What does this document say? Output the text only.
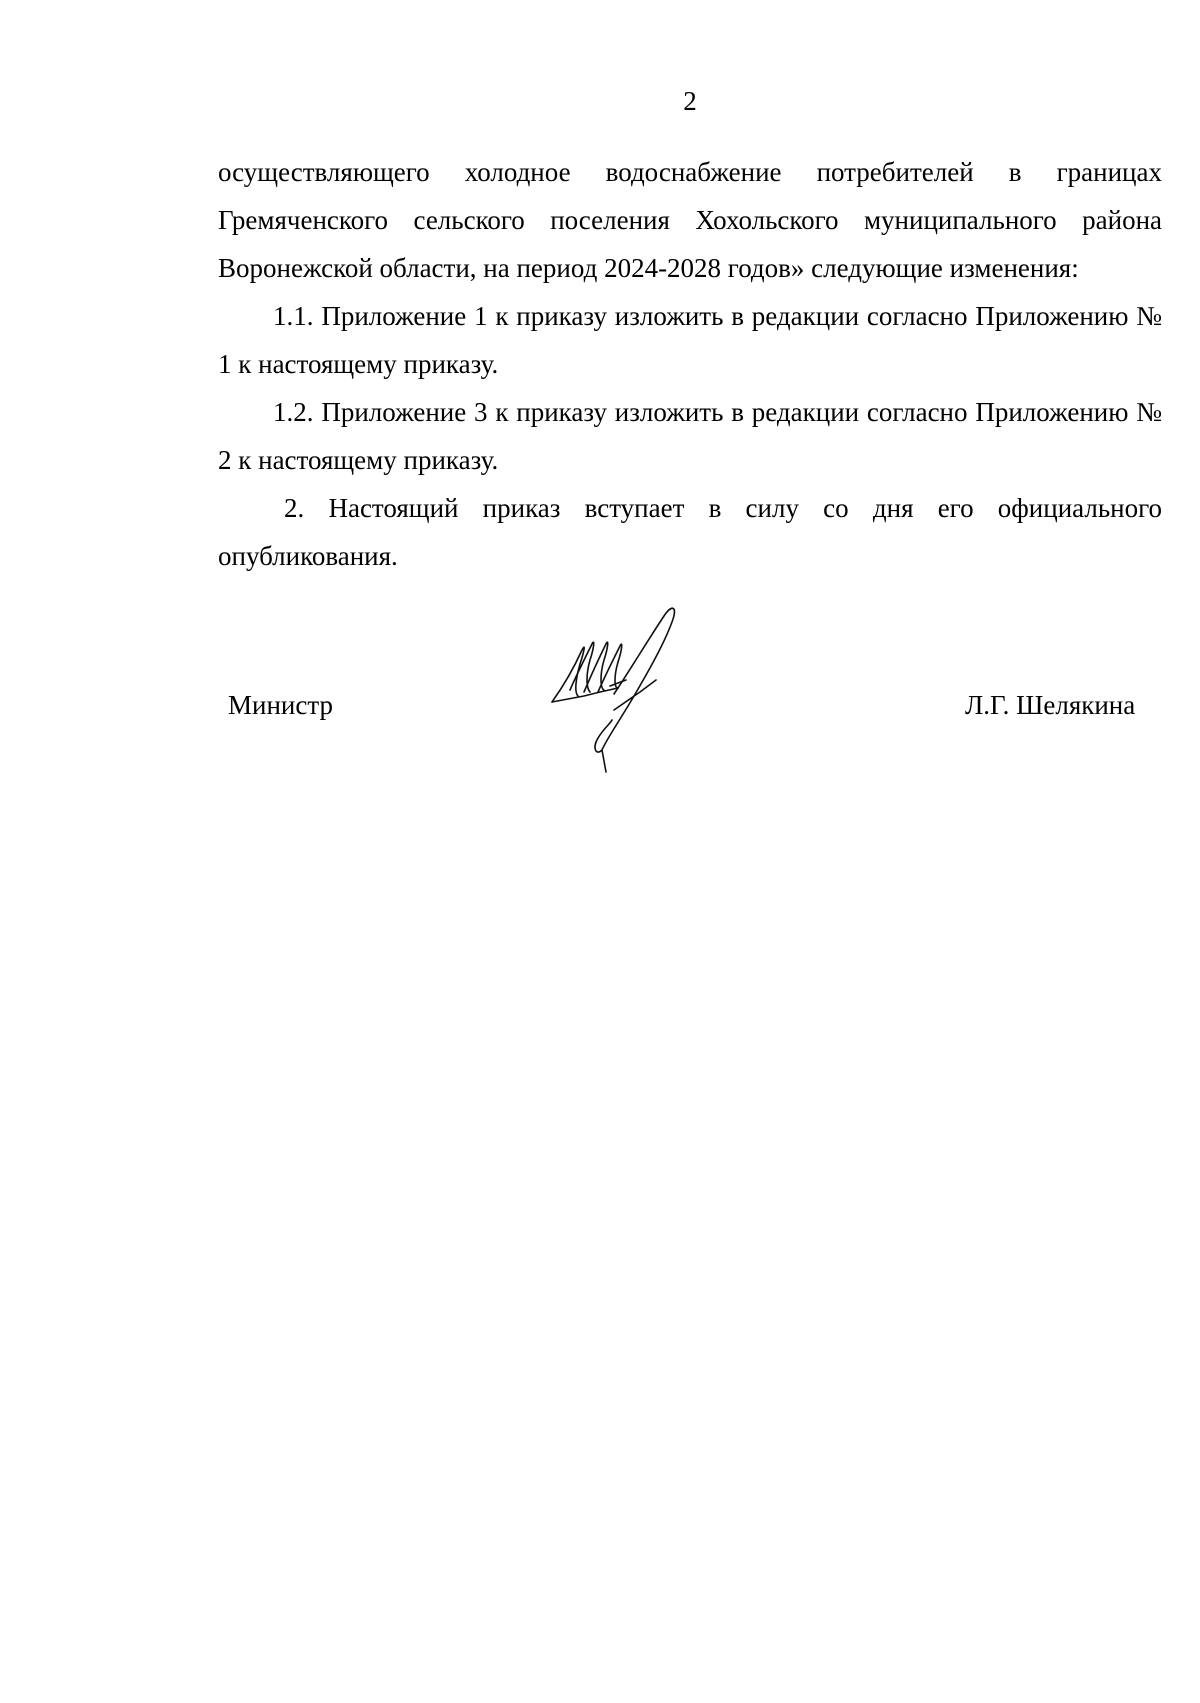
2

осуществляющего холодное водоснабжение потребителей в границах Гремяченского сельского поселения Хохольского муниципального района Воронежской области, на период 2024-2028 годов» следующие изменения:

1.1. Приложение 1 к приказу изложить в редакции согласно Приложению № 1 к настоящему приказу.

1.2. Приложение 3 к приказу изложить в редакции согласно Приложению № 2 к настоящему приказу.

2. Настоящий приказ вступает в силу со дня его официального опубликования.

Министр	Л.Г. Шелякина
